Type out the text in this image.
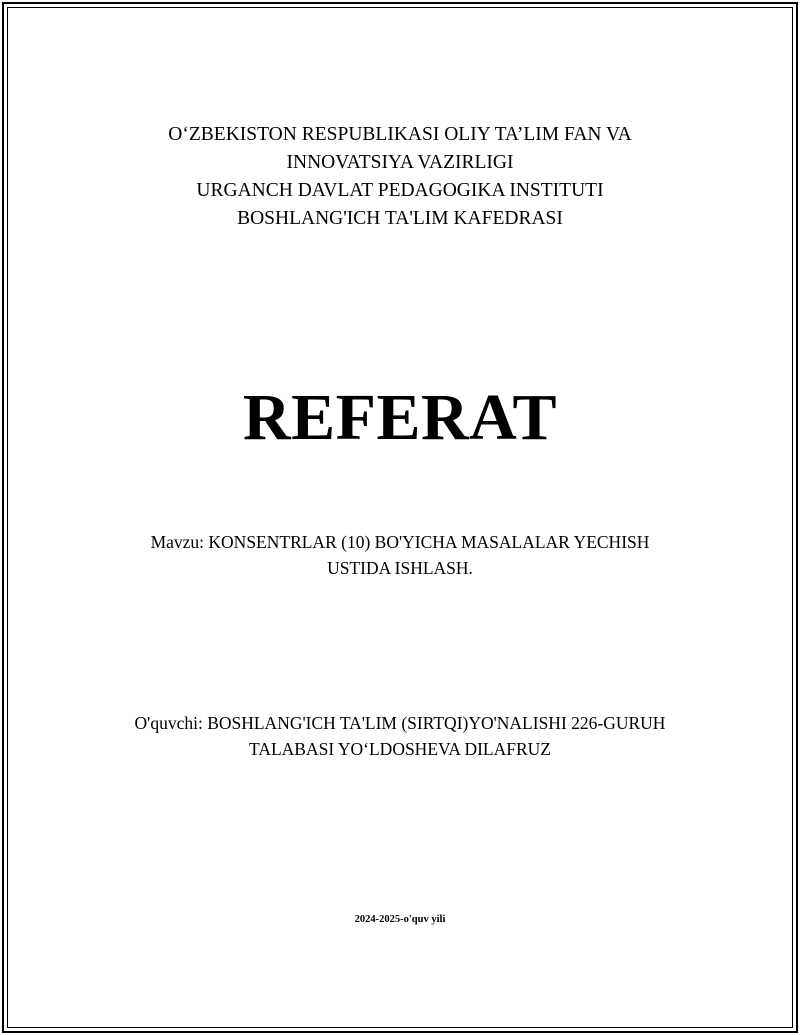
O‘ZBEKISTON RESPUBLIKASI OLIY TA’LIM FAN VA
INNOVATSIYA VAZIRLIGI
URGANCH DAVLAT PEDAGOGIKA INSTITUTI
BOSHLANG'ICH TA'LIM KAFEDRASI
REFERAT
Mavzu: KONSENTRLAR (10) BO'YICHA MASALALAR YECHISH
USTIDA ISHLASH.
O'quvchi: BOSHLANG'ICH TA'LIM (SIRTQI)YO'NALISHI 226-GURUH
TALABASI YO‘LDOSHEVA DILAFRUZ
2024-2025-o'quv yili
